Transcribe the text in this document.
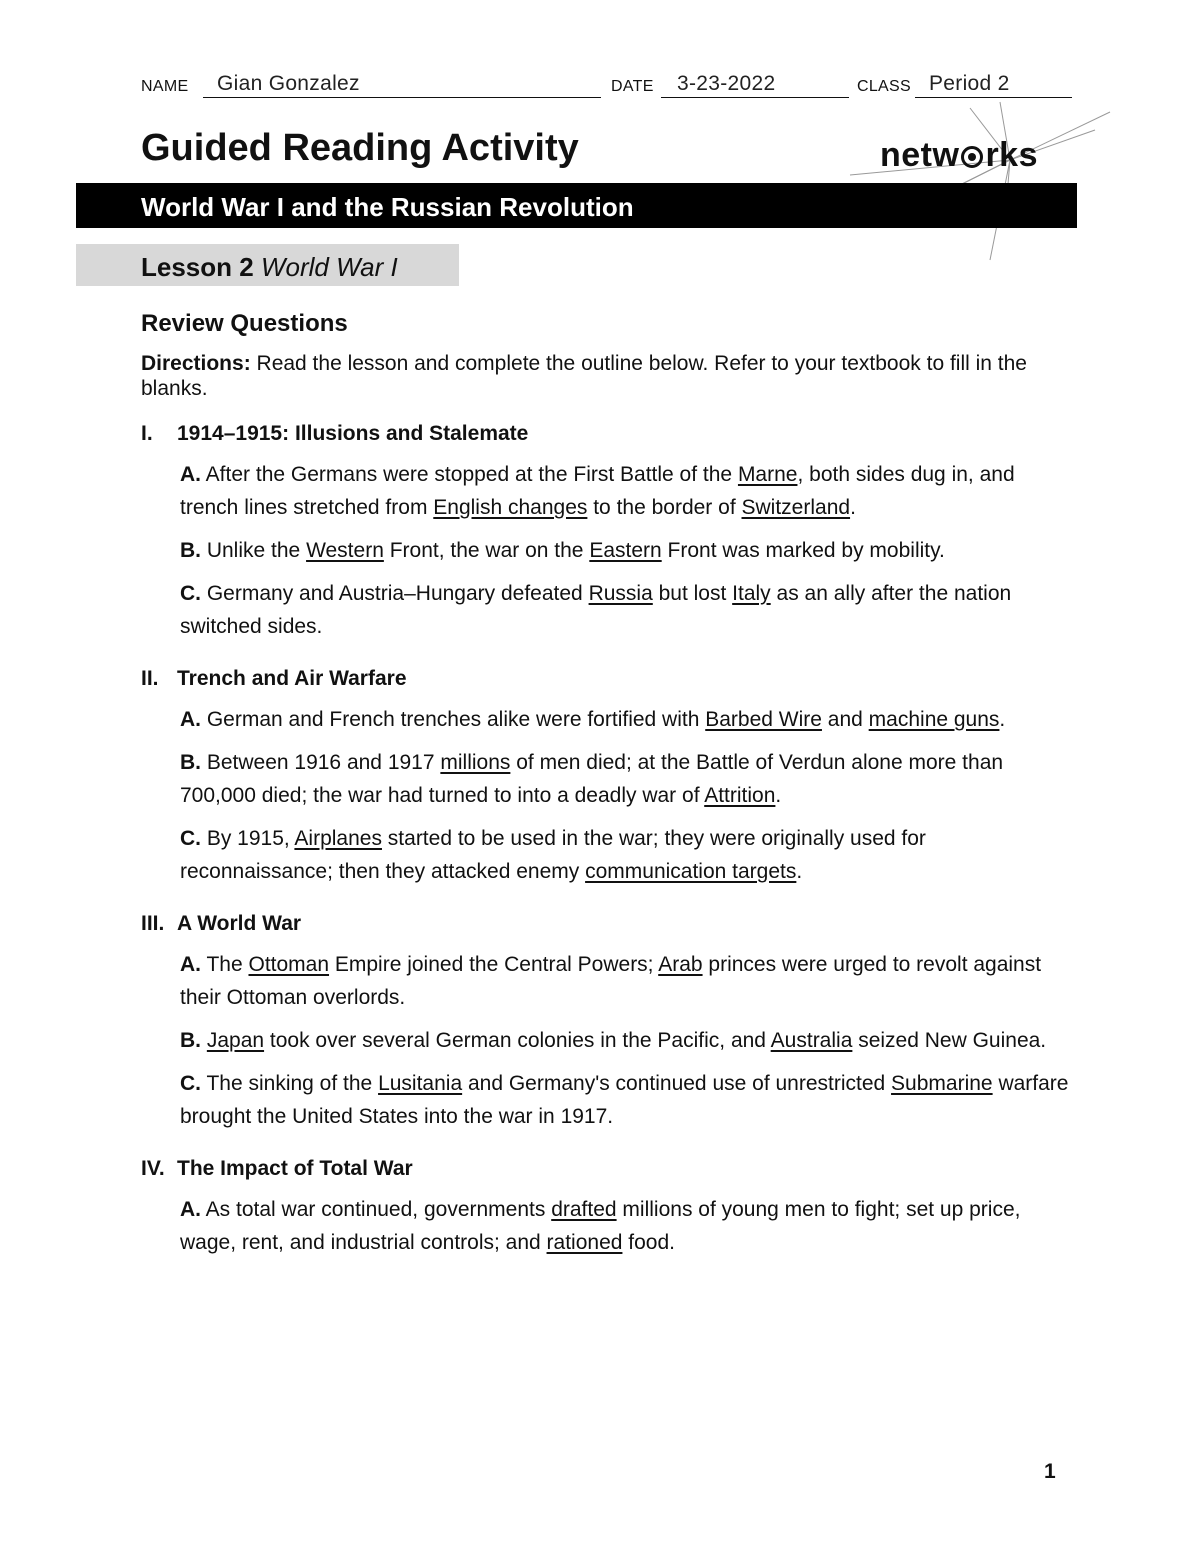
NAME Gian Gonzalez	DATE 3-23-2022	CLASS Period 2
Guided Reading Activity	netw rks
World War I and the Russian Revolution
Lesson 2 World War I
Review Questions
Directions: Read the lesson and complete the outline below. Refer to your textbook to fill in the blanks.
I.	1914–1915: Illusions and Stalemate
A. After the Germans were stopped at the First Battle of the Marne, both sides dug in, and trench lines stretched from English changes to the border of Switzerland.
B. Unlike the Western Front, the war on the Eastern Front was marked by mobility.
C. Germany and Austria–Hungary defeated Russia but lost Italy as an ally after the nation switched sides.
II. Trench and Air Warfare
A. German and French trenches alike were fortified with Barbed Wire and machine guns.
B. Between 1916 and 1917 millions of men died; at the Battle of Verdun alone more than 700,000 died; the war had turned to into a deadly war of Attrition.
C. By 1915, Airplanes started to be used in the war; they were originally used for reconnaissance; then they attacked enemy communication targets.
III. A World War
A. The Ottoman Empire joined the Central Powers; Arab princes were urged to revolt against their Ottoman overlords.
B. Japan took over several German colonies in the Pacific, and Australia seized New Guinea.
C. The sinking of the Lusitania and Germany's continued use of unrestricted Submarine warfare brought the United States into the war in 1917.
IV. The Impact of Total War
A. As total war continued, governments drafted millions of young men to fight; set up price, wage, rent, and industrial controls; and rationed food.
1
